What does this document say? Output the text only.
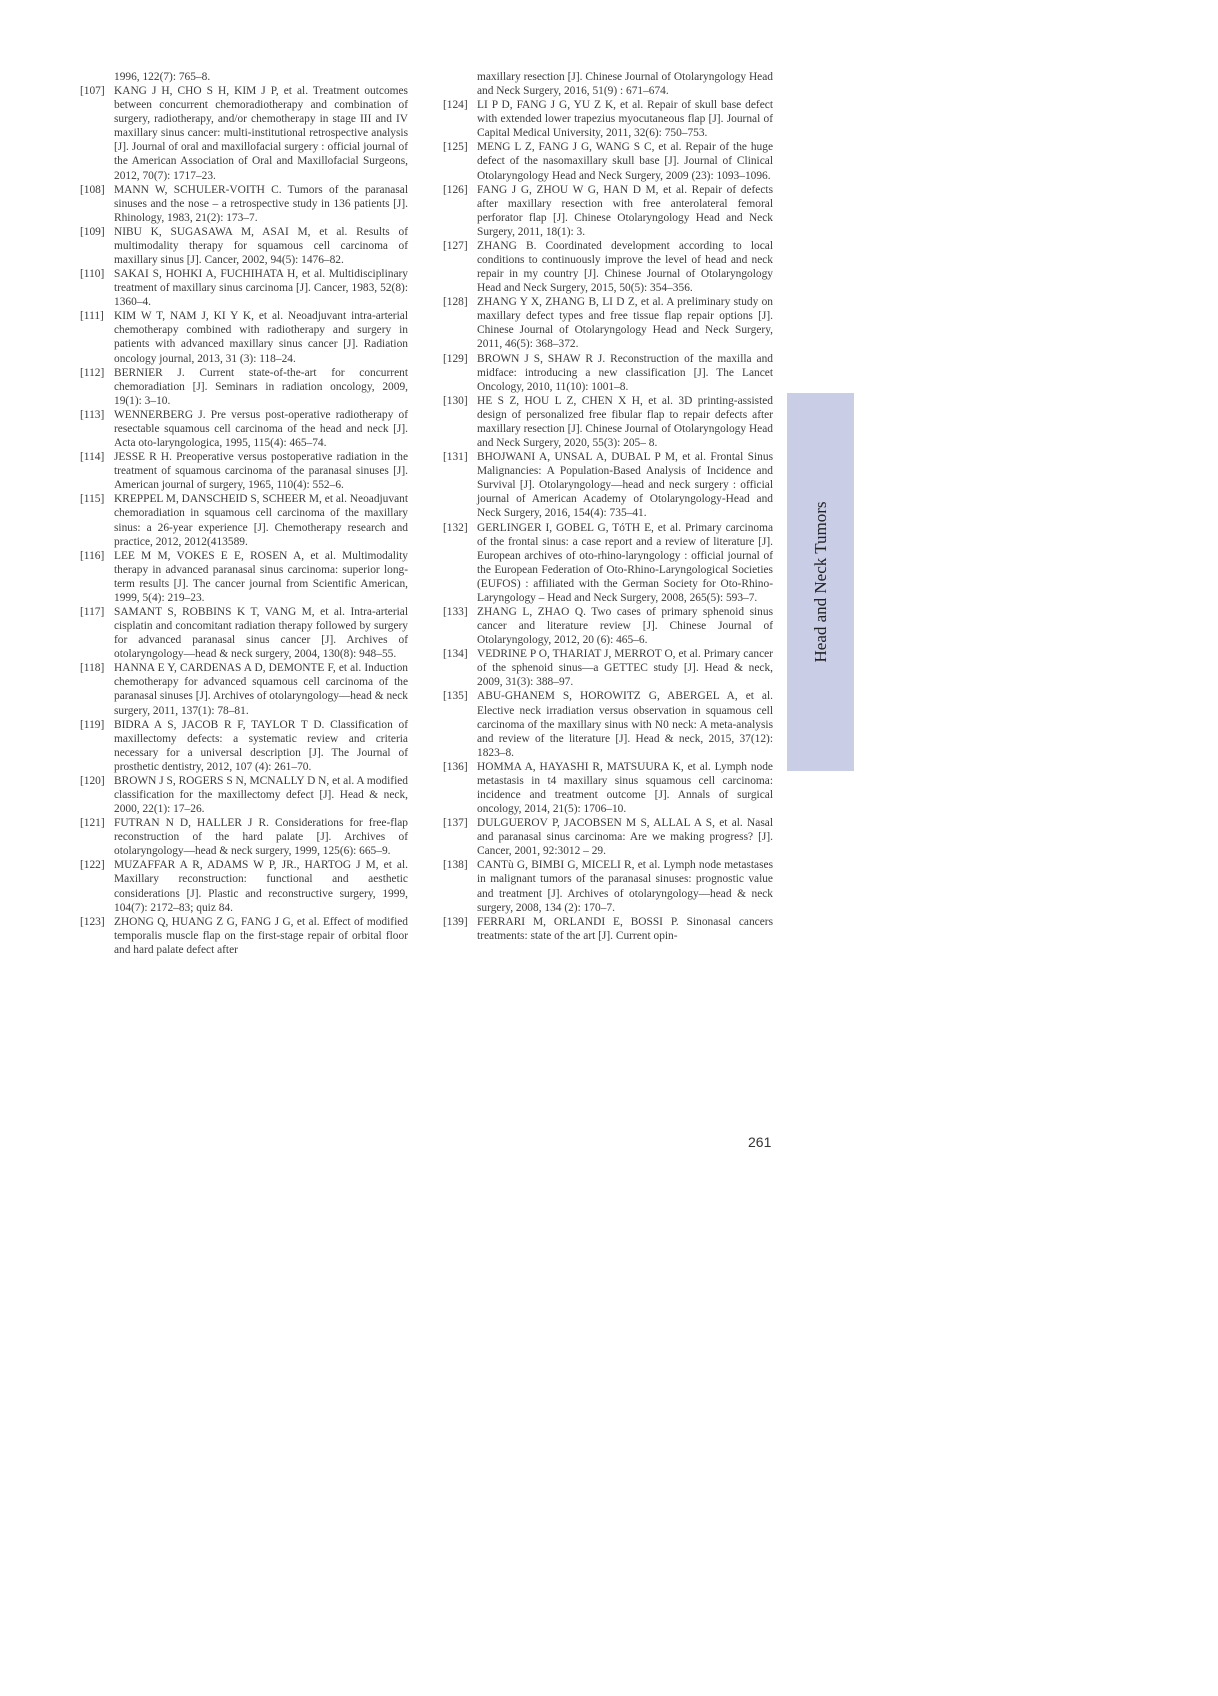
1996, 122(7): 765–8.

[107] KANG J H, CHO S H, KIM J P, et al. Treatment outcomes between concurrent chemoradiotherapy and combination of surgery, radiotherapy, and/or chemotherapy in stage III and IV maxillary sinus cancer: multi-institutional retrospective analysis [J]. Journal of oral and maxillofacial surgery : official journal of the American Association of Oral and Maxillofacial Surgeons, 2012, 70(7): 1717–23.

[108] MANN W, SCHULER-VOITH C. Tumors of the paranasal sinuses and the nose – a retrospective study in 136 patients [J]. Rhinology, 1983, 21(2): 173–7.

[109] NIBU K, SUGASAWA M, ASAI M, et al. Results of multimodality therapy for squamous cell carcinoma of maxillary sinus [J]. Cancer, 2002, 94(5): 1476–82.

[110] SAKAI S, HOHKI A, FUCHIHATA H, et al. Multidisciplinary treatment of maxillary sinus carcinoma [J]. Cancer, 1983, 52(8): 1360–4.

[111] KIM W T, NAM J, KI Y K, et al. Neoadjuvant intra-arterial chemotherapy combined with radiotherapy and surgery in patients with advanced maxillary sinus cancer [J]. Radiation oncology journal, 2013, 31 (3): 118–24.

[112] BERNIER J. Current state-of-the-art for concurrent chemoradiation [J]. Seminars in radiation oncology, 2009, 19(1): 3–10.

[113] WENNERBERG J. Pre versus post-operative radiotherapy of resectable squamous cell carcinoma of the head and neck [J]. Acta oto-laryngologica, 1995, 115(4): 465–74.

[114] JESSE R H. Preoperative versus postoperative radiation in the treatment of squamous carcinoma of the paranasal sinuses [J]. American journal of surgery, 1965, 110(4): 552–6.

[115] KREPPEL M, DANSCHEID S, SCHEER M, et al. Neoadjuvant chemoradiation in squamous cell carcinoma of the maxillary sinus: a 26-year experience [J]. Chemotherapy research and practice, 2012, 2012(413589.

[116] LEE M M, VOKES E E, ROSEN A, et al. Multimodality therapy in advanced paranasal sinus carcinoma: superior long-term results [J]. The cancer journal from Scientific American, 1999, 5(4): 219–23.

[117] SAMANT S, ROBBINS K T, VANG M, et al. Intra-arterial cisplatin and concomitant radiation therapy followed by surgery for advanced paranasal sinus cancer [J]. Archives of otolaryngology––head & neck surgery, 2004, 130(8): 948–55.

[118] HANNA E Y, CARDENAS A D, DEMONTE F, et al. Induction chemotherapy for advanced squamous cell carcinoma of the paranasal sinuses [J]. Archives of otolaryngology––head & neck surgery, 2011, 137(1): 78–81.

[119] BIDRA A S, JACOB R F, TAYLOR T D. Classification of maxillectomy defects: a systematic review and criteria necessary for a universal description [J]. The Journal of prosthetic dentistry, 2012, 107 (4): 261–70.

[120] BROWN J S, ROGERS S N, MCNALLY D N, et al. A modified classification for the maxillectomy defect [J]. Head & neck, 2000, 22(1): 17–26.

[121] FUTRAN N D, HALLER J R. Considerations for free-flap reconstruction of the hard palate [J]. Archives of otolaryngology––head & neck surgery, 1999, 125(6): 665–9.

[122] MUZAFFAR A R, ADAMS W P, JR., HARTOG J M, et al. Maxillary reconstruction: functional and aesthetic considerations [J]. Plastic and reconstructive surgery, 1999, 104(7): 2172–83; quiz 84.

[123] ZHONG Q, HUANG Z G, FANG J G, et al. Effect of modified temporalis muscle flap on the first-stage repair of orbital floor and hard palate defect after

maxillary resection [J]. Chinese Journal of Otolaryngology Head and Neck Surgery, 2016, 51(9) : 671–674.

[124] LI P D, FANG J G, YU Z K, et al. Repair of skull base defect with extended lower trapezius myocutaneous flap [J]. Journal of Capital Medical University, 2011, 32(6): 750–753.

[125] MENG L Z, FANG J G, WANG S C, et al. Repair of the huge defect of the nasomaxillary skull base [J]. Journal of Clinical Otolaryngology Head and Neck Surgery, 2009 (23): 1093–1096.

[126] FANG J G, ZHOU W G, HAN D M, et al. Repair of defects after maxillary resection with free anterolateral femoral perforator flap [J]. Chinese Otolaryngology Head and Neck Surgery, 2011, 18(1): 3.

[127] ZHANG B. Coordinated development according to local conditions to continuously improve the level of head and neck repair in my country [J]. Chinese Journal of Otolaryngology Head and Neck Surgery, 2015, 50(5): 354–356.

[128] ZHANG Y X, ZHANG B, LI D Z, et al. A preliminary study on maxillary defect types and free tissue flap repair options [J]. Chinese Journal of Otolaryngology Head and Neck Surgery, 2011, 46(5): 368–372.

[129] BROWN J S, SHAW R J. Reconstruction of the maxilla and midface: introducing a new classification [J]. The Lancet Oncology, 2010, 11(10): 1001–8.

[130] HE S Z, HOU L Z, CHEN X H, et al. 3D printing-assisted design of personalized free fibular flap to repair defects after maxillary resection [J]. Chinese Journal of Otolaryngology Head and Neck Surgery, 2020, 55(3): 205– 8.

[131] BHOJWANI A, UNSAL A, DUBAL P M, et al. Frontal Sinus Malignancies: A Population-Based Analysis of Incidence and Survival [J]. Otolaryngology––head and neck surgery : official journal of American Academy of Otolaryngology-Head and Neck Surgery, 2016, 154(4): 735–41.

[132] GERLINGER I, GOBEL G, TóTH E, et al. Primary carcinoma of the frontal sinus: a case report and a review of literature [J]. European archives of oto-rhino-laryngology : official journal of the European Federation of Oto-Rhino-Laryngological Societies (EUFOS) : affiliated with the German Society for Oto-Rhino-Laryngology – Head and Neck Surgery, 2008, 265(5): 593–7.

[133] ZHANG L, ZHAO Q. Two cases of primary sphenoid sinus cancer and literature review [J]. Chinese Journal of Otolaryngology, 2012, 20 (6): 465–6.

[134] VEDRINE P O, THARIAT J, MERROT O, et al. Primary cancer of the sphenoid sinus––a GETTEC study [J]. Head & neck, 2009, 31(3): 388–97.

[135] ABU-GHANEM S, HOROWITZ G, ABERGEL A, et al. Elective neck irradiation versus observation in squamous cell carcinoma of the maxillary sinus with N0 neck: A meta-analysis and review of the literature [J]. Head & neck, 2015, 37(12): 1823–8.

[136] HOMMA A, HAYASHI R, MATSUURA K, et al. Lymph node metastasis in t4 maxillary sinus squamous cell carcinoma: incidence and treatment outcome [J]. Annals of surgical oncology, 2014, 21(5): 1706–10.

[137] DULGUEROV P, JACOBSEN M S, ALLAL A S, et al. Nasal and paranasal sinus carcinoma: Are we making progress? [J]. Cancer, 2001, 92:3012 – 29.

[138] CANTù G, BIMBI G, MICELI R, et al. Lymph node metastases in malignant tumors of the paranasal sinuses: prognostic value and treatment [J]. Archives of otolaryngology––head & neck surgery, 2008, 134 (2): 170–7.

[139] FERRARI M, ORLANDI E, BOSSI P. Sinonasal cancers treatments: state of the art [J]. Current opin-

Head and Neck Tumors
261
